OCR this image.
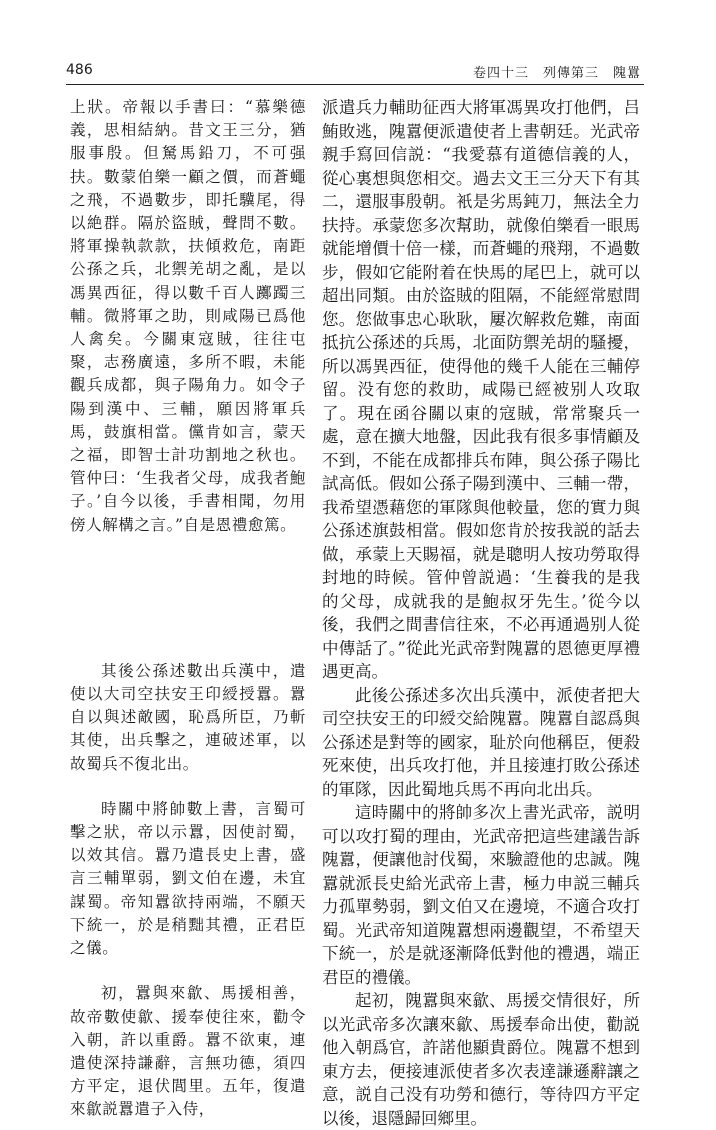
486	卷四十三　列傳第三　隗囂

上狀。帝報以手書曰：“慕樂德義，思相結納。昔文王三分，猶服事殷。但駑馬鉛刀，不可强扶。數蒙伯樂一顧之價，而蒼蠅之飛，不過數步，即托驥尾，得以絶群。隔於盜賊，聲問不數。將軍操執款款，扶傾救危，南距公孫之兵，北禦羌胡之亂，是以馮異西征，得以數千百人躑躅三輔。微將軍之助，則咸陽已爲他人禽矣。今關東寇賊，往往屯聚，志務廣遠，多所不暇，未能觀兵成都，與子陽角力。如令子陽到漢中、三輔，願因將軍兵馬，鼓旗相當。儻肯如言，蒙天之福，即智士計功割地之秋也。管仲曰：‘生我者父母，成我者鮑子。’自今以後，手書相聞，勿用傍人解構之言。”自是恩禮愈篤。

其後公孫述數出兵漢中，遣使以大司空扶安王印綬授囂。囂自以與述敵國，恥爲所臣，乃斬其使，出兵擊之，連破述軍，以故蜀兵不復北出。

時關中將帥數上書，言蜀可擊之狀，帝以示囂，因使討蜀，以效其信。囂乃遣長史上書，盛言三輔單弱，劉文伯在邊，未宜謀蜀。帝知囂欲持兩端，不願天下統一，於是稍黜其禮，正君臣之儀。

初，囂與來歙、馬援相善，故帝數使歙、援奉使往來，勸令入朝，許以重爵。囂不欲東，連遣使深持謙辭，言無功德，須四方平定，退伏閭里。五年，復遣來歙説囂遣子入侍，

派遣兵力輔助征西大將軍馮異攻打他們，吕鮪敗逃，隗囂便派遣使者上書朝廷。光武帝親手寫回信説：“我愛慕有道德信義的人，從心裏想與您相交。過去文王三分天下有其二，還服事殷朝。衹是劣馬鈍刀，無法全力扶持。承蒙您多次幫助，就像伯樂看一眼馬就能增價十倍一樣，而蒼蠅的飛翔，不過數步，假如它能附着在快馬的尾巴上，就可以超出同類。由於盜賊的阻隔，不能經常慰問您。您做事忠心耿耿，屢次解救危難，南面抵抗公孫述的兵馬，北面防禦羌胡的騷擾，所以馮異西征，使得他的幾千人能在三輔停留。没有您的救助，咸陽已經被别人攻取了。現在函谷關以東的寇賊，常常聚兵一處，意在擴大地盤，因此我有很多事情顧及不到，不能在成都排兵布陣，與公孫子陽比試高低。假如公孫子陽到漢中、三輔一帶，我希望憑藉您的軍隊與他較量，您的實力與公孫述旗鼓相當。假如您肯於按我説的話去做，承蒙上天賜福，就是聰明人按功勞取得封地的時候。管仲曾説過：‘生養我的是我的父母，成就我的是鮑叔牙先生。’從今以後，我們之間書信往來，不必再通過别人從中傳話了。”從此光武帝對隗囂的恩德更厚禮遇更高。

此後公孫述多次出兵漢中，派使者把大司空扶安王的印綬交給隗囂。隗囂自認爲與公孫述是對等的國家，耻於向他稱臣，便殺死來使，出兵攻打他，并且接連打敗公孫述的軍隊，因此蜀地兵馬不再向北出兵。

這時關中的將帥多次上書光武帝，説明可以攻打蜀的理由，光武帝把這些建議告訴隗囂，便讓他討伐蜀，來驗證他的忠誠。隗囂就派長史給光武帝上書，極力申説三輔兵力孤單勢弱，劉文伯又在邊境，不適合攻打蜀。光武帝知道隗囂想兩邊觀望，不希望天下統一，於是就逐漸降低對他的禮遇，端正君臣的禮儀。

起初，隗囂與來歙、馬援交情很好，所以光武帝多次讓來歙、馬援奉命出使，勸説他入朝爲官，許諾他顯貴爵位。隗囂不想到東方去，便接連派使者多次表達謙遜辭讓之意，説自己没有功勞和德行，等待四方平定以後，退隱歸回鄉里。
